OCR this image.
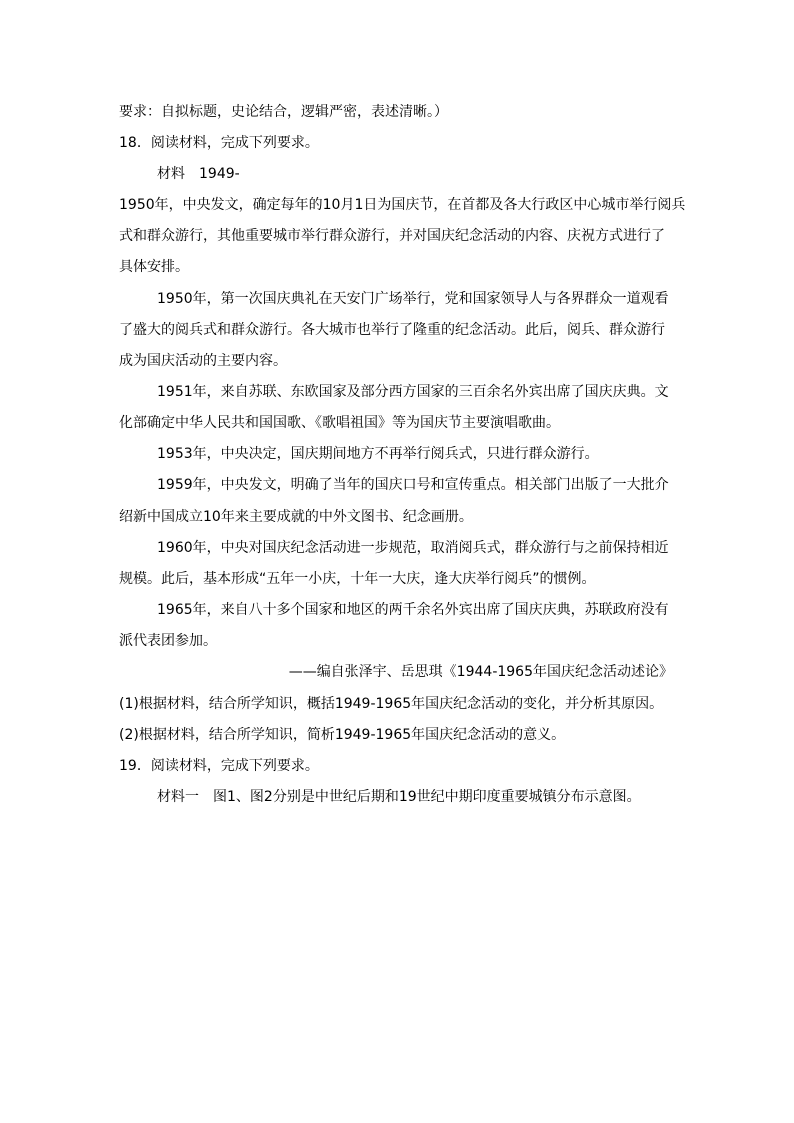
要求：自拟标题，史论结合，逻辑严密，表述清晰。）
18．阅读材料，完成下列要求。
材料　1949-
1950年，中央发文，确定每年的10月1日为国庆节，在首都及各大行政区中心城市举行阅兵
式和群众游行，其他重要城市举行群众游行，并对国庆纪念活动的内容、庆祝方式进行了
具体安排。
1950年，第一次国庆典礼在天安门广场举行，党和国家领导人与各界群众一道观看
了盛大的阅兵式和群众游行。各大城市也举行了隆重的纪念活动。此后，阅兵、群众游行
成为国庆活动的主要内容。
1951年，来自苏联、东欧国家及部分西方国家的三百余名外宾出席了国庆庆典。文
化部确定中华人民共和国国歌、《歌唱祖国》等为国庆节主要演唱歌曲。
1953年，中央决定，国庆期间地方不再举行阅兵式，只进行群众游行。
1959年，中央发文，明确了当年的国庆口号和宣传重点。相关部门出版了一大批介
绍新中国成立10年来主要成就的中外文图书、纪念画册。
1960年，中央对国庆纪念活动进一步规范，取消阅兵式，群众游行与之前保持相近
规模。此后，基本形成“五年一小庆，十年一大庆，逢大庆举行阅兵”的惯例。
1965年，来自八十多个国家和地区的两千余名外宾出席了国庆庆典，苏联政府没有
派代表团参加。
——编自张泽宇、岳思琪《1944-1965年国庆纪念活动述论》
(1)根据材料，结合所学知识，概括1949-1965年国庆纪念活动的变化，并分析其原因。
(2)根据材料，结合所学知识，简析1949-1965年国庆纪念活动的意义。
19．阅读材料，完成下列要求。
材料一　图1、图2分别是中世纪后期和19世纪中期印度重要城镇分布示意图。
